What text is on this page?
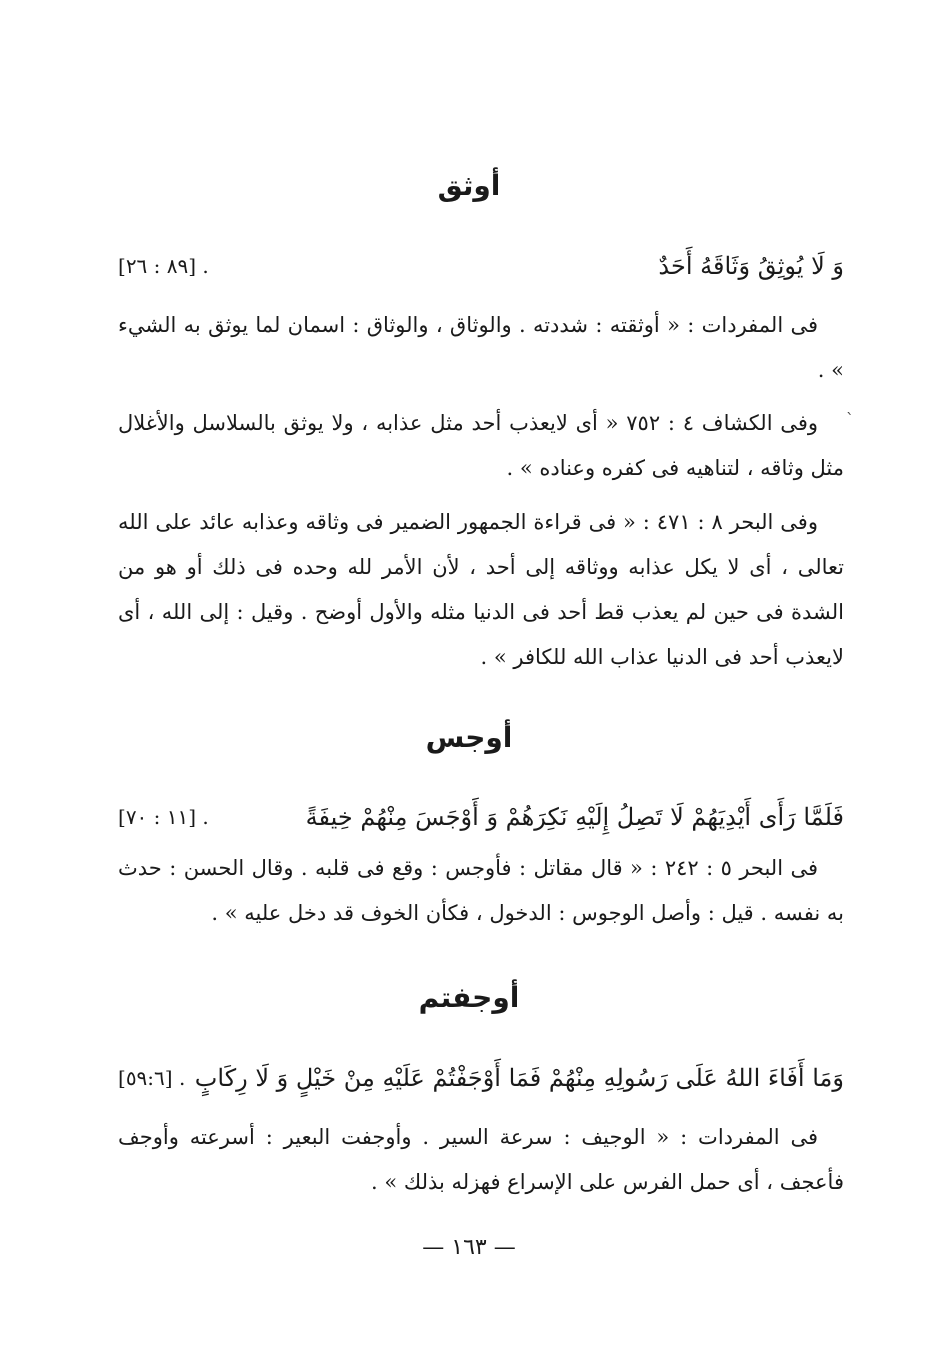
أوثق
وَ لَا يُوثِقُ وَثَاقَهُ أَحَدٌ
[٨٩ : ٢٦] .
فى المفردات : « أوثقته : شددته . والوثاق ، والوثاق : اسمان لما يوثق به الشيء » .
ˋ
وفى الكشاف ٤ : ٧٥٢ « أى لايعذب أحد مثل عذابه ، ولا يوثق بالسلاسل والأغلال مثل وثاقه ، لتناهيه فى كفره وعناده » .
وفى البحر ٨ : ٤٧١ : « فى قراءة الجمهور الضمير فى وثاقه وعذابه عائد على الله تعالى ، أى لا يكل عذابه ووثاقه إلى أحد ، لأن الأمر لله وحده فى ذلك أو هو من الشدة فى حين لم يعذب قط أحد فى الدنيا مثله والأول أوضح . وقيل : إلى الله ، أى لايعذب أحد فى الدنيا عذاب الله للكافر » .
أوجس
فَلَمَّا رَأَى أَيْدِيَهُمْ لَا تَصِلُ إِلَيْهِ نَكِرَهُمْ وَ أَوْجَسَ مِنْهُمْ خِيفَةً
[١١ : ٧٠] .
فى البحر ٥ : ٢٤٢ : « قال مقاتل : فأوجس : وقع فى قلبه . وقال الحسن : حدث به نفسه . قيل : وأصل الوجوس : الدخول ، فكأن الخوف قد دخل عليه » .
أوجفتم
وَمَا أَفَاءَ اللهُ عَلَى رَسُولِهِ مِنْهُمْ فَمَا أَوْجَفْتُمْ عَلَيْهِ مِنْ خَيْلٍ وَ لَا رِكَابٍ
[٥٩:٦] .
فى المفردات : « الوجيف : سرعة السير . وأوجفت البعير : أسرعته وأوجف فأعجف ، أى حمل الفرس على الإسراع فهزله بذلك » .
— ١٦٣ —
